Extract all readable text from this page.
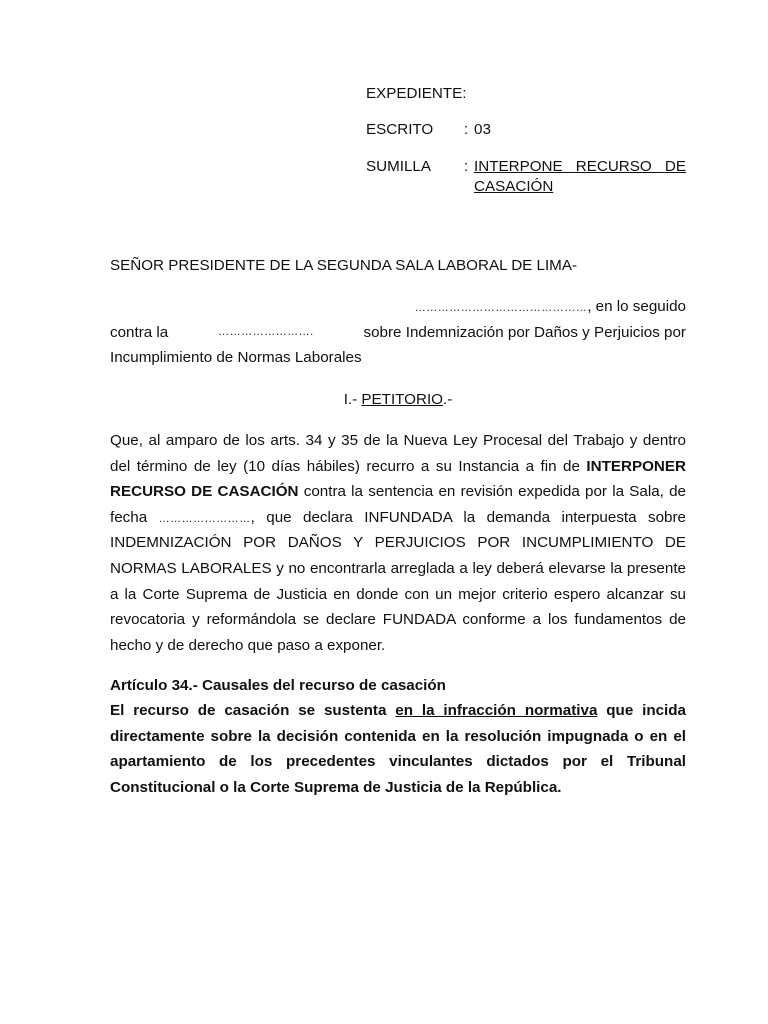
EXPEDIENTE:
ESCRITO : 03
SUMILLA	: INTERPONE RECURSO DE
CASACIÓN
SEÑOR PRESIDENTE DE LA SEGUNDA SALA LABORAL DE LIMA-
………………………………………, en lo seguido
contra la	…………………….	sobre Indemnización por Daños y Perjuicios por
Incumplimiento de Normas Laborales
I.- PETITORIO.-

Que, al amparo de los arts. 34 y 35 de la Nueva Ley Procesal del Trabajo y dentro

del término de ley (10 días hábiles) recurro a su Instancia a fin de INTERPONER

RECURSO DE CASACIÓN contra la sentencia en revisión expedida por la Sala, de

fecha ……………………, que declara INFUNDADA la demanda interpuesta sobre

INDEMNIZACIÓN POR DAÑOS Y PERJUICIOS POR INCUMPLIMIENTO DE

NORMAS LABORALES y no encontrarla arreglada a ley deberá elevarse la presente

a la Corte Suprema de Justicia en donde con un mejor criterio espero alcanzar su

revocatoria y reformándola se declare FUNDADA conforme a los fundamentos de

hecho y de derecho que paso a exponer.

Artículo 34.- Causales del recurso de casación

El recurso de casación se sustenta en la infracción normativa que incida

directamente sobre la decisión contenida en la resolución impugnada o en el

apartamiento de los precedentes vinculantes dictados por el Tribunal

Constitucional o la Corte Suprema de Justicia de la República.
